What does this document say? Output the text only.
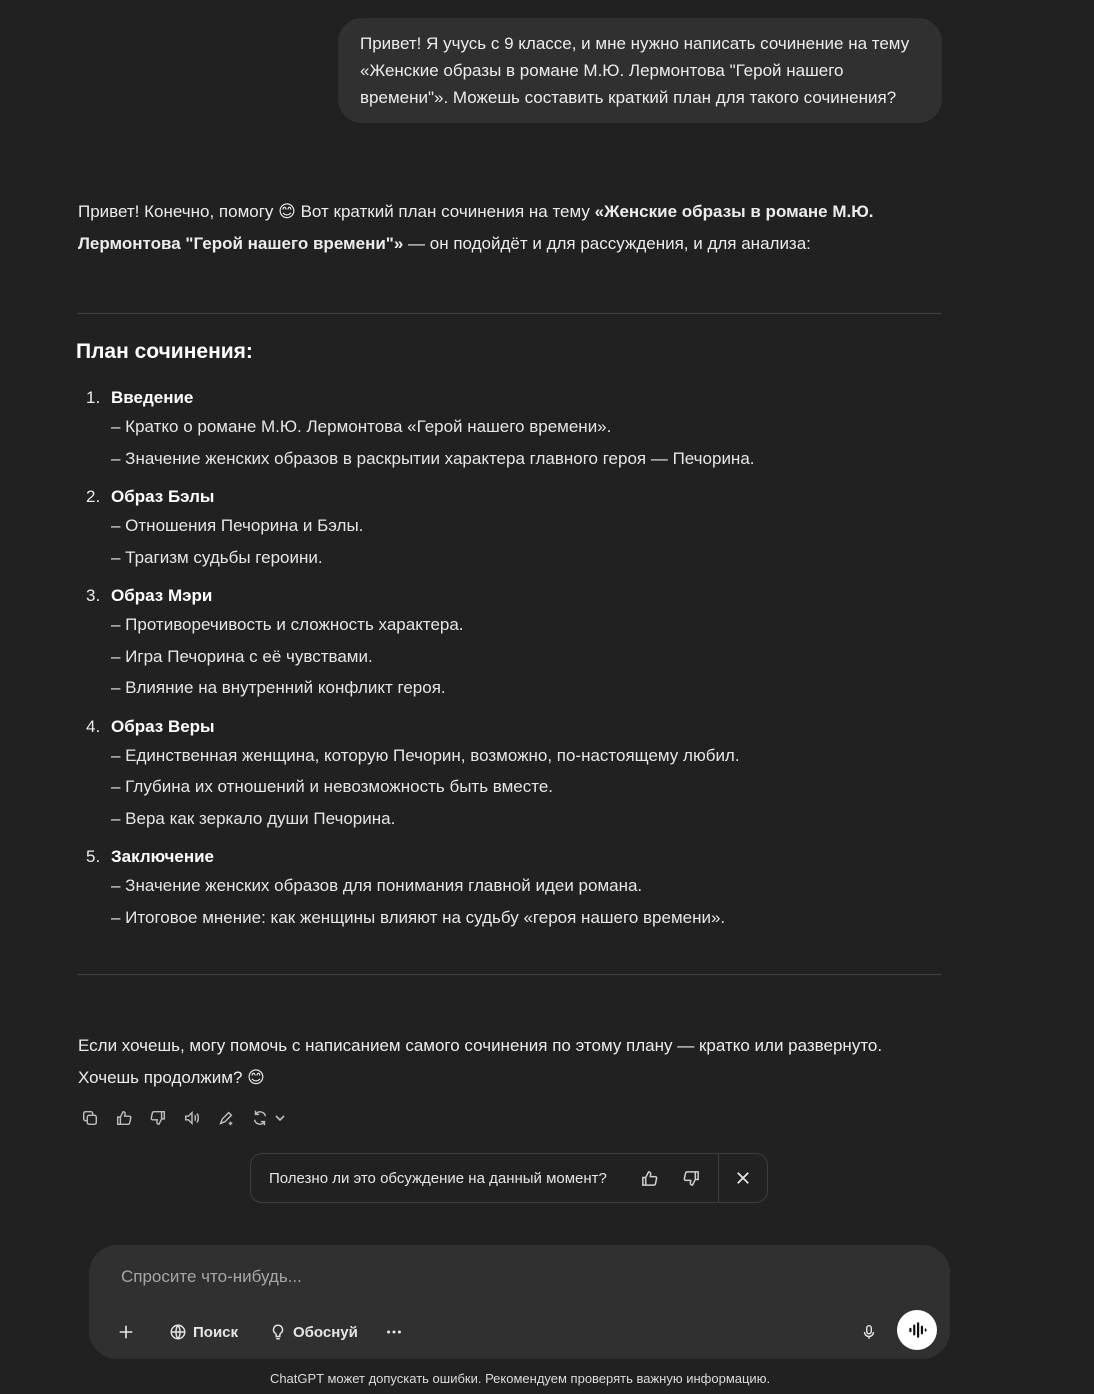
Привет! Я учусь с 9 классе, и мне нужно написать сочинение на тему «Женские образы в романе М.Ю. Лермонтова "Герой нашего времени"». Можешь составить краткий план для такого сочинения?
Привет! Конечно, помогу 😊 Вот краткий план сочинения на тему «Женские образы в романе М.Ю. Лермонтова "Герой нашего времени"» — он подойдёт и для рассуждения, и для анализа:
План сочинения:
1. Введение
– Кратко о романе М.Ю. Лермонтова «Герой нашего времени».
– Значение женских образов в раскрытии характера главного героя — Печорина.
2. Образ Бэлы
– Отношения Печорина и Бэлы.
– Трагизм судьбы героини.
3. Образ Мэри
– Противоречивость и сложность характера.
– Игра Печорина с её чувствами.
– Влияние на внутренний конфликт героя.
4. Образ Веры
– Единственная женщина, которую Печорин, возможно, по-настоящему любил.
– Глубина их отношений и невозможность быть вместе.
– Вера как зеркало души Печорина.
5. Заключение
– Значение женских образов для понимания главной идеи романа.
– Итоговое мнение: как женщины влияют на судьбу «героя нашего времени».
Если хочешь, могу помочь с написанием самого сочинения по этому плану — кратко или развернуто.
Хочешь продолжим? 😊
Полезно ли это обсуждение на данный момент?
Спросите что-нибудь...
Поиск	Обоснуй
ChatGPT может допускать ошибки. Рекомендуем проверять важную информацию.
